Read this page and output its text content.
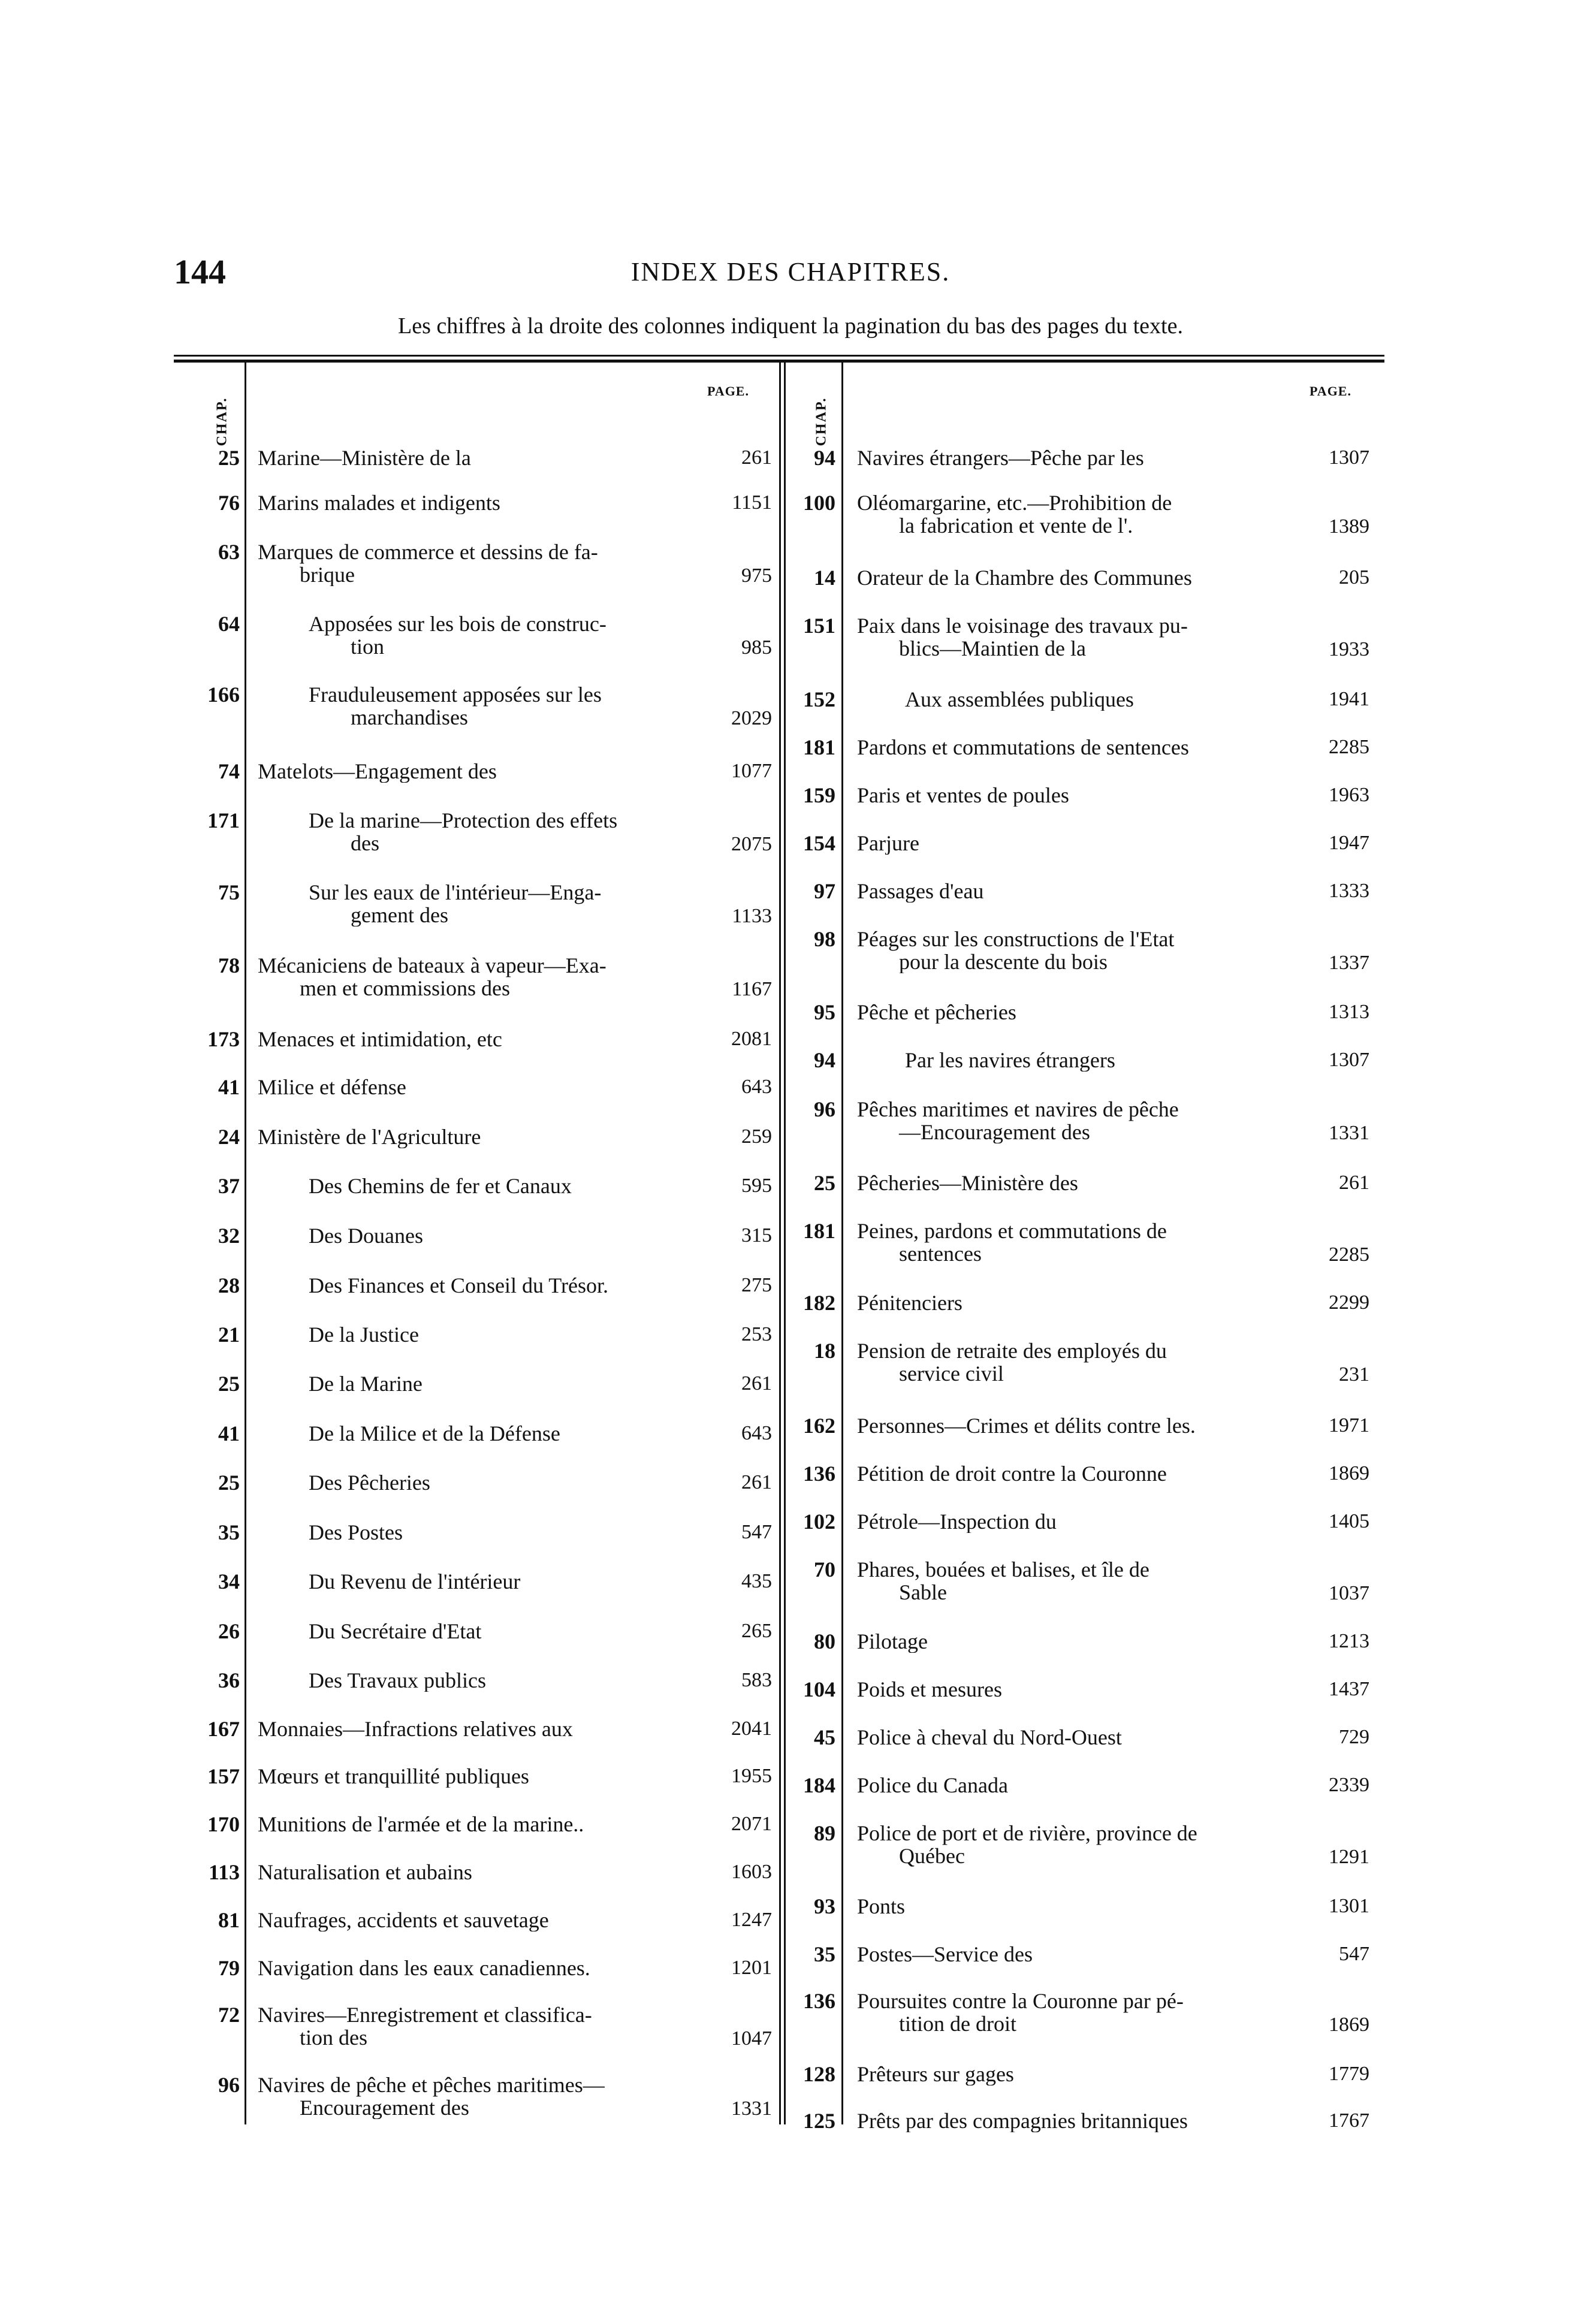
144	INDEX DES CHAPITRES.
Les chiffres à la droite des colonnes indiquent la pagination du bas des pages du texte.
CHAP.	CHAP.
PAGE.	PAGE.
25 Marine—Ministère de la	261
76 Marins malades et indigents	1151
63 Marques de commerce et dessins de fa-
brique	975
64	Apposées sur les bois de construc-
tion	985
166	Frauduleusement apposées sur les
marchandises	2029
74 Matelots—Engagement des	1077
171	De la marine—Protection des effets
des	2075
75	Sur les eaux de l'intérieur—Enga-
gement des	1133
78 Mécaniciens de bateaux à vapeur—Exa-
men et commissions des	1167
173 Menaces et intimidation, etc	2081
41 Milice et défense	643
24 Ministère de l'Agriculture	259
37	Des Chemins de fer et Canaux	595
32	Des Douanes	315
28	Des Finances et Conseil du Trésor.	275
21	De la Justice	253
25	De la Marine	261
41	De la Milice et de la Défense	643
25	Des Pêcheries	261
35	Des Postes	547
34	Du Revenu de l'intérieur	435
26	Du Secrétaire d'Etat	265
36	Des Travaux publics	583
167 Monnaies—Infractions relatives aux	2041
157 Mœurs et tranquillité publiques	1955
170 Munitions de l'armée et de la marine..	2071
113 Naturalisation et aubains	1603
81 Naufrages, accidents et sauvetage	1247
79 Navigation dans les eaux canadiennes.	1201
72 Navires—Enregistrement et classifica-
tion des	1047
96 Navires de pêche et pêches maritimes—
Encouragement des	1331
94 Navires étrangers—Pêche par les	1307
100 Oléomargarine, etc.—Prohibition de
la fabrication et vente de l'.	1389
14 Orateur de la Chambre des Communes	205
151 Paix dans le voisinage des travaux pu-
blics—Maintien de la	1933
152	Aux assemblées publiques	1941
181 Pardons et commutations de sentences	2285
159 Paris et ventes de poules	1963
154 Parjure	1947
97 Passages d'eau	1333
98 Péages sur les constructions de l'Etat
pour la descente du bois	1337
95 Pêche et pêcheries	1313
94	Par les navires étrangers	1307
96 Pêches maritimes et navires de pêche
—Encouragement des	1331
25 Pêcheries—Ministère des	261
181 Peines, pardons et commutations de
sentences	2285
182 Pénitenciers	2299
18 Pension de retraite des employés du
service civil	231
162 Personnes—Crimes et délits contre les.	1971
136 Pétition de droit contre la Couronne	1869
102 Pétrole—Inspection du	1405
70 Phares, bouées et balises, et île de
Sable	1037
80 Pilotage	1213
104 Poids et mesures	1437
45 Police à cheval du Nord-Ouest	729
184 Police du Canada	2339
89 Police de port et de rivière, province de
Québec	1291
93 Ponts	1301
35 Postes—Service des	547
136 Poursuites contre la Couronne par pé-
tition de droit	1869
128 Prêteurs sur gages	1779
125 Prêts par des compagnies britanniques	1767
